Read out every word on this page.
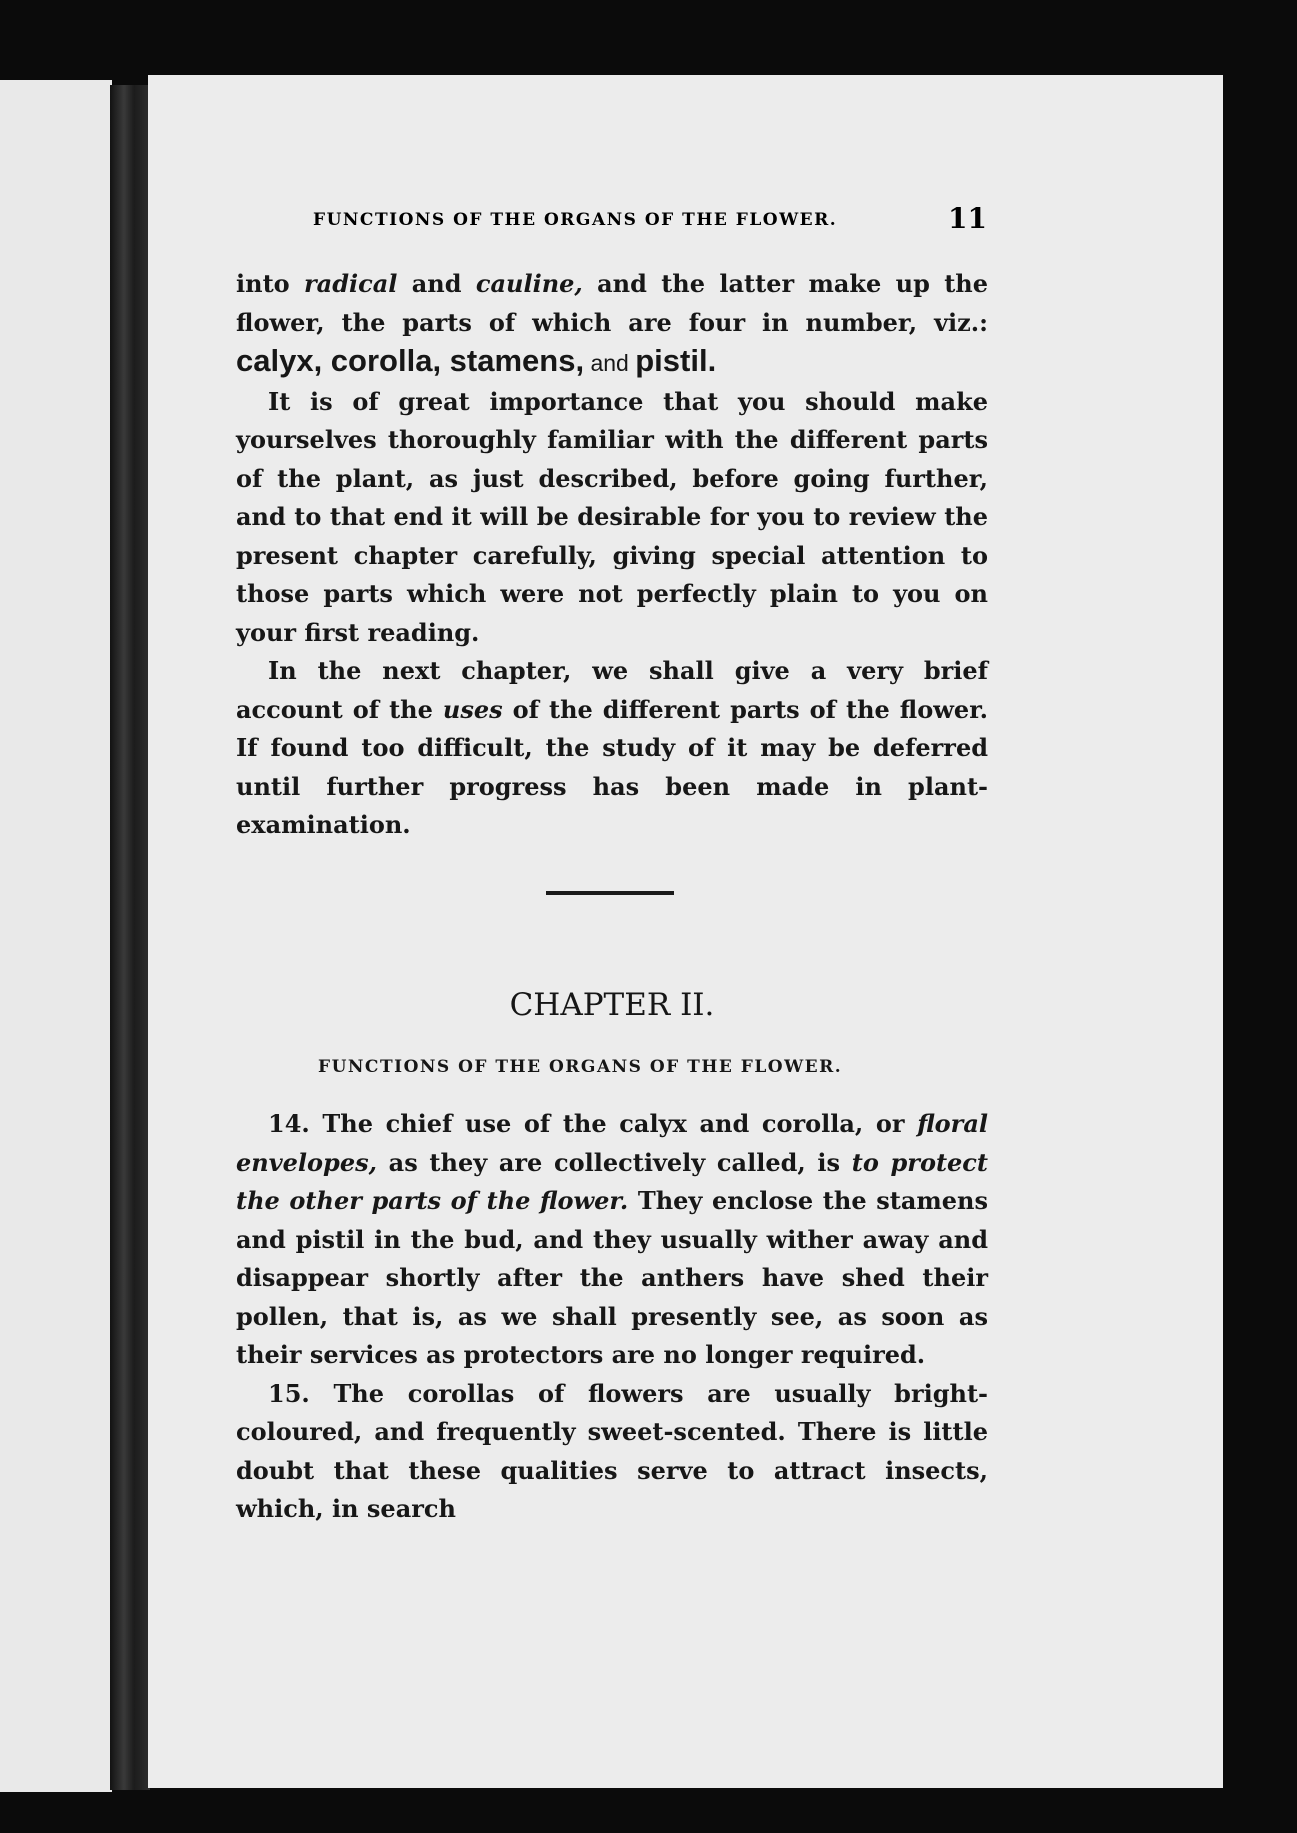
FUNCTIONS OF THE ORGANS OF THE FLOWER.	11

into radical and cauline, and the latter make up the flower, the parts of which are four in number, viz.: calyx, corolla, stamens, and pistil.

It is of great importance that you should make yourselves thoroughly familiar with the different parts of the plant, as just described, before going further, and to that end it will be desirable for you to review the present chapter carefully, giving special attention to those parts which were not perfectly plain to you on your first reading.

In the next chapter, we shall give a very brief account of the uses of the different parts of the flower. If found too difficult, the study of it may be deferred until further progress has been made in plant-examination.

CHAPTER II.
FUNCTIONS OF THE ORGANS OF THE FLOWER.

14. The chief use of the calyx and corolla, or floral envelopes, as they are collectively called, is to protect the other parts of the flower. They enclose the stamens and pistil in the bud, and they usually wither away and disappear shortly after the anthers have shed their pollen, that is, as we shall presently see, as soon as their services as protectors are no longer required.

15. The corollas of flowers are usually bright-coloured, and frequently sweet-scented. There is little doubt that these qualities serve to attract insects, which, in search
